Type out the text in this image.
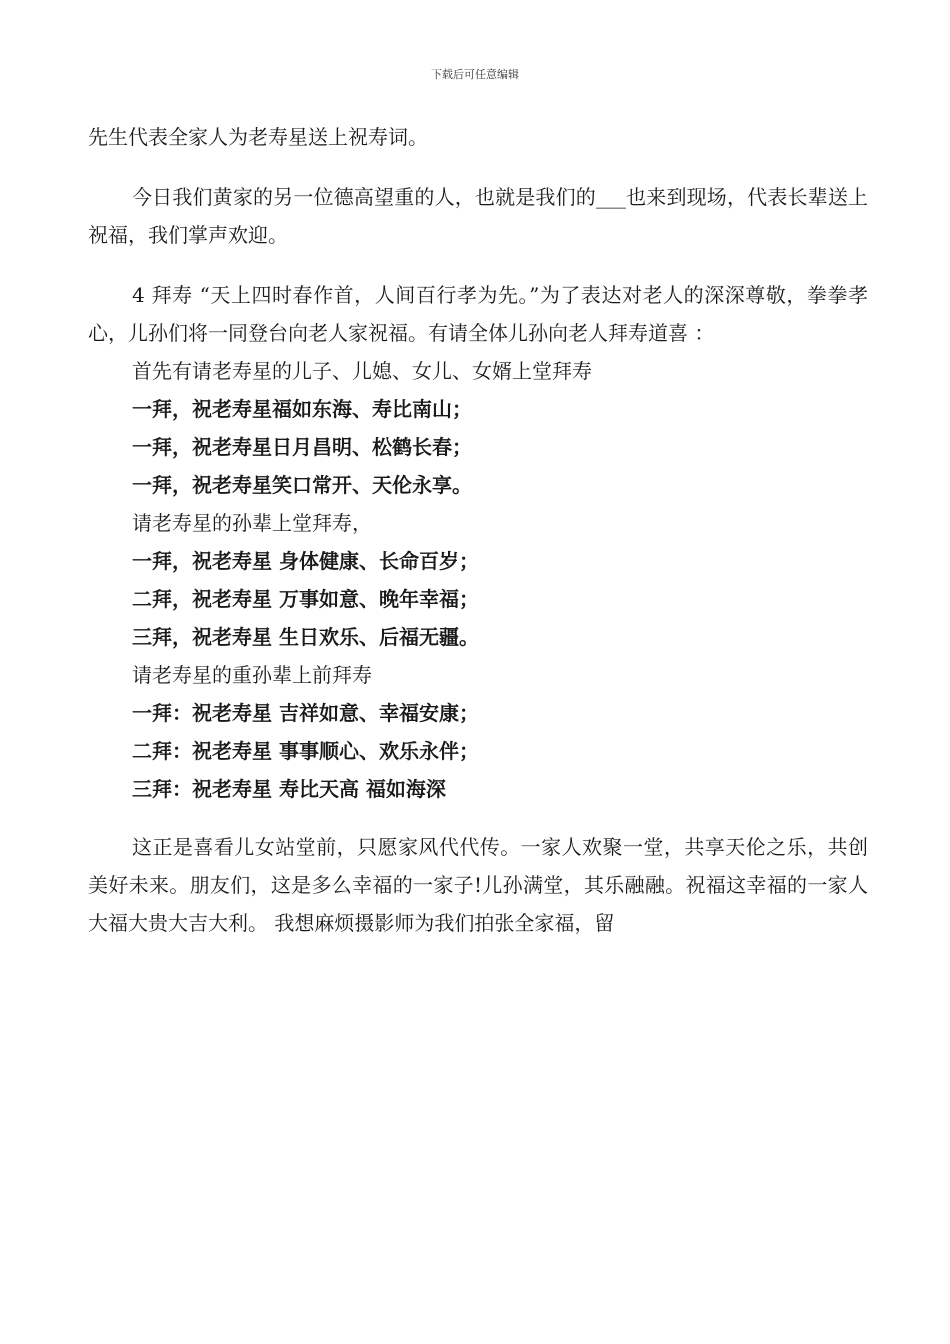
下载后可任意编辑

先生代表全家人为老寿星送上祝寿词。

今日我们黄家的另一位德高望重的人，也就是我们的___也来到现场，代表长辈送上祝福，我们掌声欢迎。

4 拜寿 “天上四时春作首，人间百行孝为先。”为了表达对老人的深深尊敬，拳拳孝心，儿孙们将一同登台向老人家祝福。有请全体儿孙向老人拜寿道喜 ：

首先有请老寿星的儿子、儿媳、女儿、女婿上堂拜寿

一拜，祝老寿星福如东海、寿比南山；

一拜，祝老寿星日月昌明、松鹤长春；

一拜，祝老寿星笑口常开、天伦永享。

请老寿星的孙辈上堂拜寿，

一拜，祝老寿星 身体健康、长命百岁；

二拜，祝老寿星 万事如意、晚年幸福；

三拜，祝老寿星 生日欢乐、后福无疆。

请老寿星的重孙辈上前拜寿

一拜：祝老寿星 吉祥如意、幸福安康；

二拜：祝老寿星 事事顺心、欢乐永伴；

三拜：祝老寿星 寿比天高 福如海深

这正是喜看儿女站堂前，只愿家风代代传。一家人欢聚一堂，共享天伦之乐，共创美好未来。朋友们，这是多么幸福的一家子!儿孙满堂，其乐融融。祝福这幸福的一家人大福大贵大吉大利。 我想麻烦摄影师为我们拍张全家福，留
